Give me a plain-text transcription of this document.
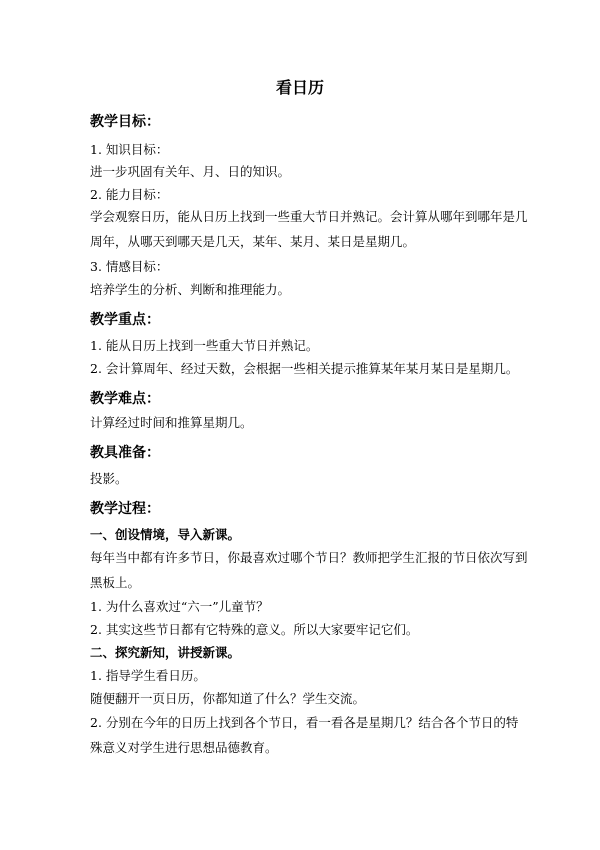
看日历
教学目标：
1. 知识目标：
进一步巩固有关年、月、日的知识。
2. 能力目标：
学会观察日历，能从日历上找到一些重大节日并熟记。会计算从哪年到哪年是几
周年，从哪天到哪天是几天，某年、某月、某日是星期几。
3. 情感目标：
培养学生的分析、判断和推理能力。
教学重点：
1. 能从日历上找到一些重大节日并熟记。
2. 会计算周年、经过天数，会根据一些相关提示推算某年某月某日是星期几。
教学难点：
计算经过时间和推算星期几。
教具准备：
投影。
教学过程：
一、创设情境，导入新课。
每年当中都有许多节日，你最喜欢过哪个节日？教师把学生汇报的节日依次写到
黑板上。
1. 为什么喜欢过“六一”儿童节？
2. 其实这些节日都有它特殊的意义。所以大家要牢记它们。
二、探究新知，讲授新课。
1. 指导学生看日历。
随便翻开一页日历，你都知道了什么？学生交流。
2. 分别在今年的日历上找到各个节日，看一看各是星期几？结合各个节日的特
殊意义对学生进行思想品德教育。
